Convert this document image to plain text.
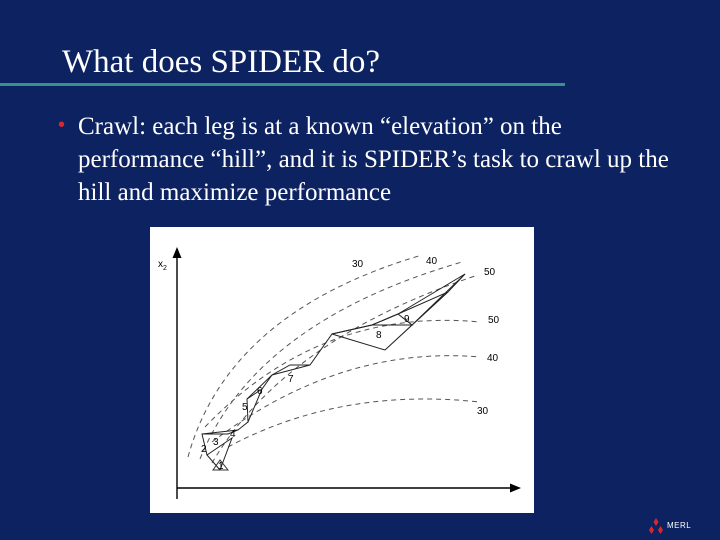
What does SPIDER do?
• Crawl: each leg is at a known “elevation” on the performance “hill”, and it is SPIDER’s task to crawl up the hill and maximize performance
$x_2$
1
2
3
4
5
6
7
8
9
30	40
50
50
40
30
MERL
